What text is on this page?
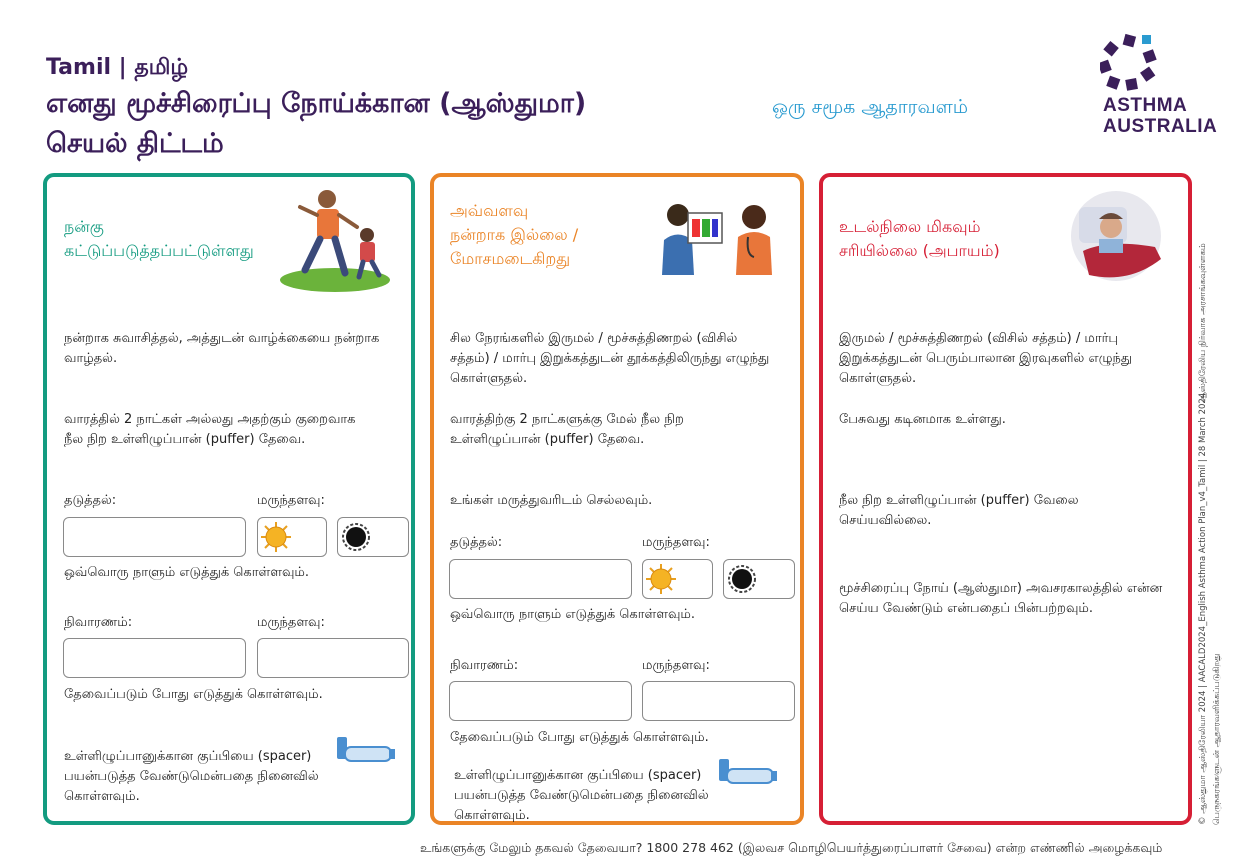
Tamil | தமிழ்
எனது மூச்சிரைப்பு நோய்க்கான (ஆஸ்துமா)
செயல் திட்டம்
ஒரு சமூக ஆதாரவளம்	ASTHMA
AUSTRALIA
நன்கு
கட்டுப்படுத்தப்பட்டுள்ளது
நன்றாக சுவாசித்தல், அத்துடன் வாழ்க்கையை நன்றாக வாழ்தல்.
வாரத்தில் 2 நாட்கள் அல்லது அதற்கும் குறைவாக நீல நிற உள்ளிழுப்பான் (puffer) தேவை.
தடுத்தல்:	மருந்தளவு:
ஒவ்வொரு நாளும் எடுத்துக் கொள்ளவும்.
நிவாரணம்:	மருந்தளவு:
தேவைப்படும் போது எடுத்துக் கொள்ளவும்.
உள்ளிழுப்பானுக்கான குப்பியை (spacer) பயன்படுத்த வேண்டுமென்பதை நினைவில் கொள்ளவும்.
அவ்வளவு
நன்றாக இல்லை /
மோசமடைகிறது
சில நேரங்களில் இருமல் / மூச்சுத்திணறல் (விசில் சத்தம்) / மார்பு இறுக்கத்துடன் தூக்கத்திலிருந்து எழுந்து கொள்ளுதல்.
வாரத்திற்கு 2 நாட்களுக்கு மேல் நீல நிற உள்ளிழுப்பான் (puffer) தேவை.
உங்கள் மருத்துவரிடம் செல்லவும்.
தடுத்தல்:	மருந்தளவு:
ஒவ்வொரு நாளும் எடுத்துக் கொள்ளவும்.
நிவாரணம்:	மருந்தளவு:
தேவைப்படும் போது எடுத்துக் கொள்ளவும்.
உள்ளிழுப்பானுக்கான குப்பியை (spacer) பயன்படுத்த வேண்டுமென்பதை நினைவில் கொள்ளவும்.
உடல்நிலை மிகவும்
சரியில்லை (அபாயம்)
இருமல் / மூச்சுத்திணறல் (விசில் சத்தம்) / மார்பு இறுக்கத்துடன் பெரும்பாலான இரவுகளில் எழுந்து கொள்ளுதல்.
பேசுவது கடினமாக உள்ளது.
நீல நிற உள்ளிழுப்பான் (puffer) வேலை செய்யவில்லை.
மூச்சிரைப்பு நோய் (ஆஸ்துமா) அவசரகாலத்தில் என்ன செய்ய வேண்டும் என்பதைப் பின்பற்றவும்.
ஆஸ்திரேலிய நிர்வாக அரசாங்கவுள்ளகம்
© ஆஸ்துமா ஆஸ்திரேலியா 2024 | AACALD2024_English Asthma Action Plan_v4_Tamil | 28 March 2024 பெருநகரங்களுடன் ஆதாரவளிக்கப்படுகிறது
உங்களுக்கு மேலும் தகவல் தேவையா? 1800 278 462 (இலவச மொழிபெயர்த்துரைப்பாளர் சேவை) என்ற எண்ணில் அழைக்கவும்
